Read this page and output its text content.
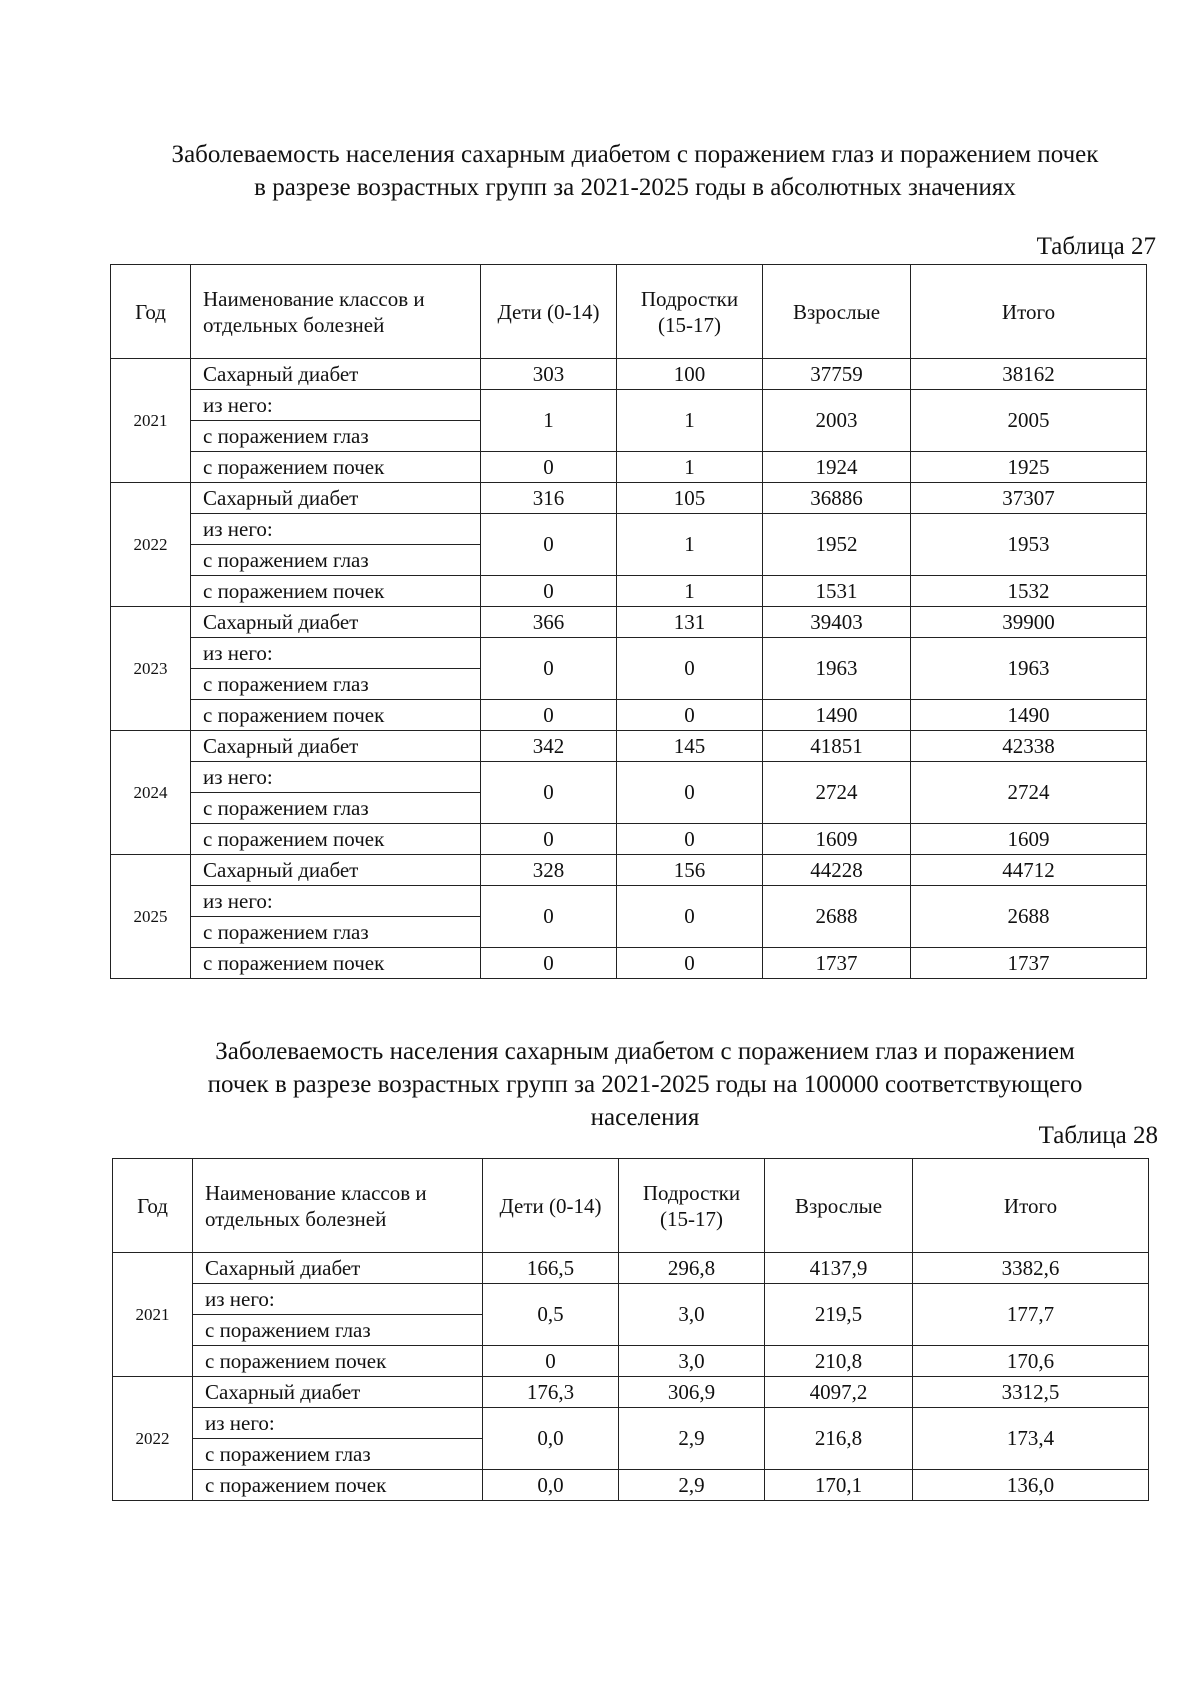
Заболеваемость населения сахарным диабетом с поражением глаз и поражением почек
в разрезе возрастных групп за 2021-2025 годы в абсолютных значениях
Таблица 27
Год	Наименование классов и отдельных болезней	Дети (0-14)	Подростки (15-17)	Взрослые	Итого
2021	Сахарный диабет	303	100	37759	38162
	из него:	1	1	2003	2005
	с поражением глаз				
	с поражением почек	0	1	1924	1925
2022	Сахарный диабет	316	105	36886	37307
	из него:	0	1	1952	1953
	с поражением глаз				
	с поражением почек	0	1	1531	1532
2023	Сахарный диабет	366	131	39403	39900
	из него:	0	0	1963	1963
	с поражением глаз				
	с поражением почек	0	0	1490	1490
2024	Сахарный диабет	342	145	41851	42338
	из него:	0	0	2724	2724
	с поражением глаз				
	с поражением почек	0	0	1609	1609
2025	Сахарный диабет	328	156	44228	44712
	из него:	0	0	2688	2688
	с поражением глаз				
	с поражением почек	0	0	1737	1737
Заболеваемость населения сахарным диабетом с поражением глаз и поражением
почек в разрезе возрастных групп за 2021-2025 годы на 100000 соответствующего
населения
Таблица 28
Год	Наименование классов и отдельных болезней	Дети (0-14)	Подростки (15-17)	Взрослые	Итого
2021	Сахарный диабет	166,5	296,8	4137,9	3382,6
	из него:	0,5	3,0	219,5	177,7
	с поражением глаз				
	с поражением почек	0	3,0	210,8	170,6
2022	Сахарный диабет	176,3	306,9	4097,2	3312,5
	из него:	0,0	2,9	216,8	173,4
	с поражением глаз				
	с поражением почек	0,0	2,9	170,1	136,0
